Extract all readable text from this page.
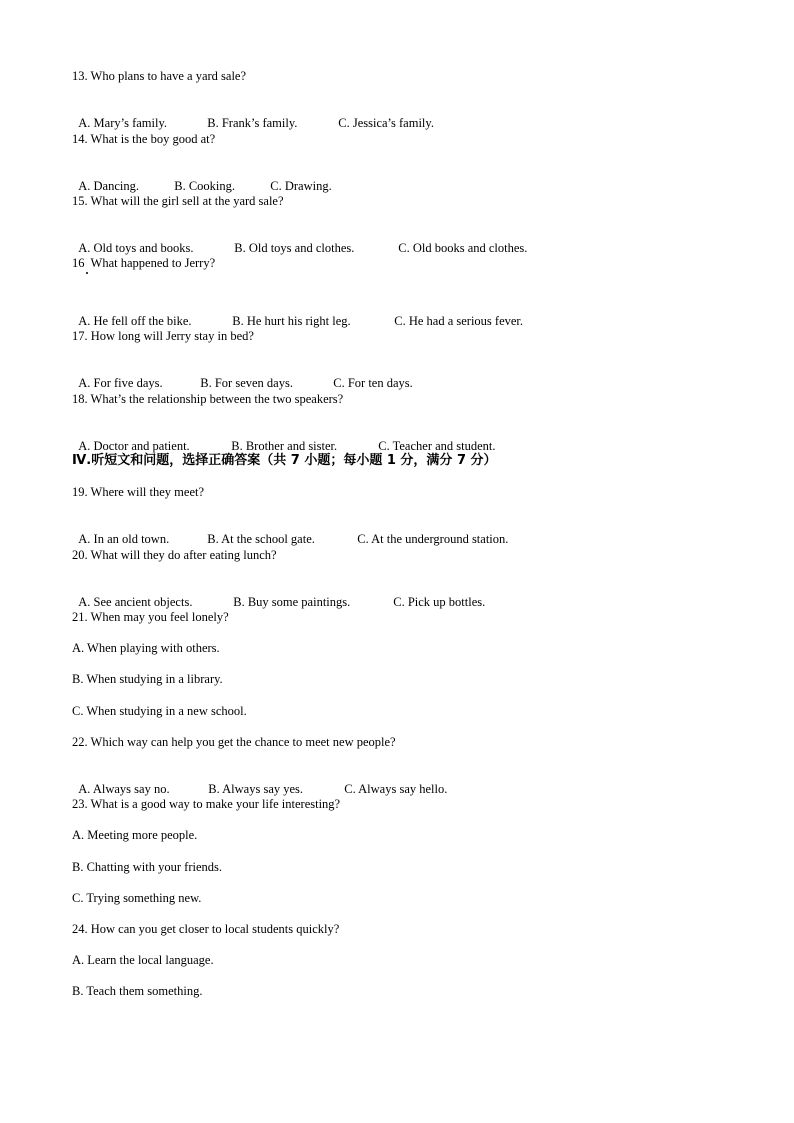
13. Who plans to have a yard sale?

A. Mary’s family.	B. Frank’s family.	C. Jessica’s family.

14. What is the boy good at?

A. Dancing.	B. Cooking.	C. Drawing.

15. What will the girl sell at the yard sale?

A. Old toys and books.	B. Old toys and clothes.	C. Old books and clothes.

16  What happened to Jerry?

A. He fell off the bike.	B. He hurt his right leg.	C. He had a serious fever.

17. How long will Jerry stay in bed?

A. For five days.	B. For seven days.	C. For ten days.

18. What’s the relationship between the two speakers?

A. Doctor and patient.	B. Brother and sister.	C. Teacher and student.

Ⅳ.听短文和问题，选择正确答案（共 7 小题；每小题 1 分，满分 7 分）
19. Where will they meet?

A. In an old town.	B. At the school gate.	C. At the underground station.

20. What will they do after eating lunch?

A. See ancient objects.	B. Buy some paintings.	C. Pick up bottles.

21. When may you feel lonely?
A. When playing with others.
B. When studying in a library.
C. When studying in a new school.
22. Which way can help you get the chance to meet new people?

A. Always say no.	B. Always say yes.	C. Always say hello.

23. What is a good way to make your life interesting?
A. Meeting more people.
B. Chatting with your friends.
C. Trying something new.
24. How can you get closer to local students quickly?
A. Learn the local language.
B. Teach them something.
